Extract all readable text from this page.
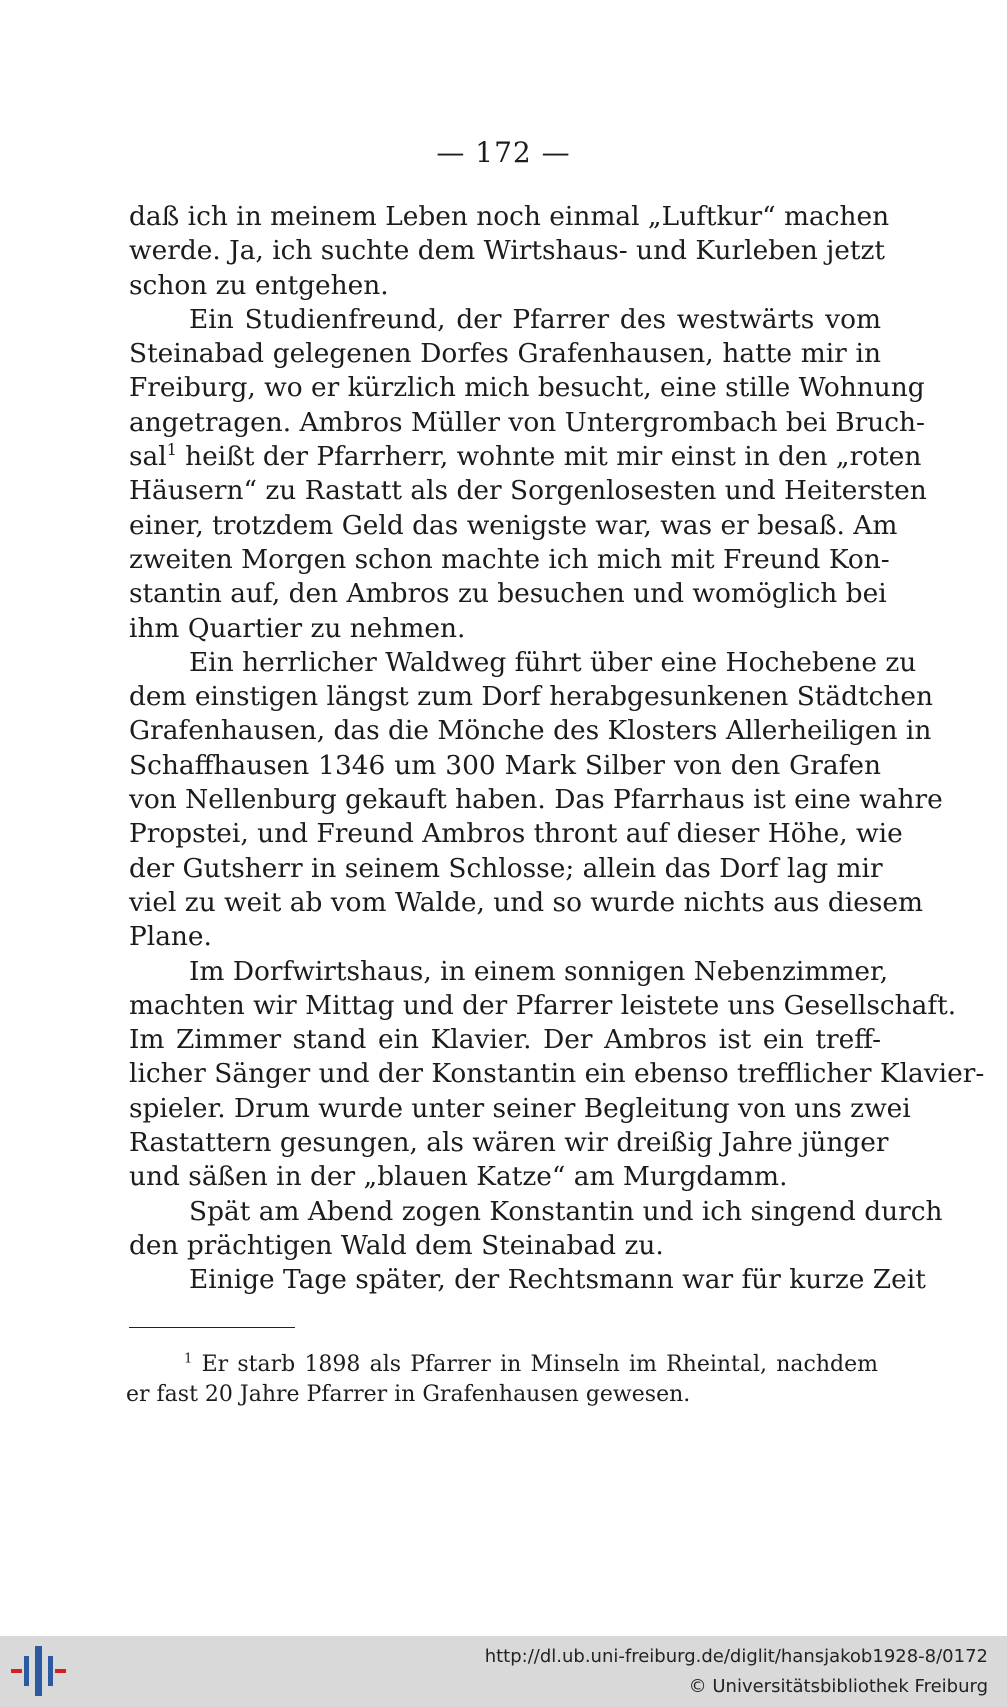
— 172 —
daß ich in meinem Leben noch einmal „Luftkur“ machen
werde. Ja, ich suchte dem Wirtshaus- und Kurleben jetzt
schon zu entgehen.
Ein Studienfreund, der Pfarrer des westwärts vom
Steinabad gelegenen Dorfes Grafenhausen, hatte mir in
Freiburg, wo er kürzlich mich besucht, eine stille Wohnung
angetragen. Ambros Müller von Untergrombach bei Bruch-
sal$^1$ heißt der Pfarrherr, wohnte mit mir einst in den „roten
Häusern“ zu Rastatt als der Sorgenlosesten und Heitersten
einer, trotzdem Geld das wenigste war, was er besaß. Am
zweiten Morgen schon machte ich mich mit Freund Kon-
stantin auf, den Ambros zu besuchen und womöglich bei
ihm Quartier zu nehmen.
Ein herrlicher Waldweg führt über eine Hochebene zu
dem einstigen längst zum Dorf herabgesunkenen Städtchen
Grafenhausen, das die Mönche des Klosters Allerheiligen in
Schaffhausen 1346 um 300 Mark Silber von den Grafen
von Nellenburg gekauft haben. Das Pfarrhaus ist eine wahre
Propstei, und Freund Ambros thront auf dieser Höhe, wie
der Gutsherr in seinem Schlosse; allein das Dorf lag mir
viel zu weit ab vom Walde, und so wurde nichts aus diesem
Plane.
Im Dorfwirtshaus, in einem sonnigen Nebenzimmer,
machten wir Mittag und der Pfarrer leistete uns Gesellschaft.
Im Zimmer stand ein Klavier. Der Ambros ist ein treff-
licher Sänger und der Konstantin ein ebenso trefflicher Klavier-
spieler. Drum wurde unter seiner Begleitung von uns zwei
Rastattern gesungen, als wären wir dreißig Jahre jünger
und säßen in der „blauen Katze“ am Murgdamm.
Spät am Abend zogen Konstantin und ich singend durch
den prächtigen Wald dem Steinabad zu.
Einige Tage später, der Rechtsmann war für kurze Zeit
$^1$ Er starb 1898 als Pfarrer in Minseln im Rheintal, nachdem
er fast 20 Jahre Pfarrer in Grafenhausen gewesen.
http://dl.ub.uni-freiburg.de/diglit/hansjakob1928-8/0172
© Universitätsbibliothek Freiburg
